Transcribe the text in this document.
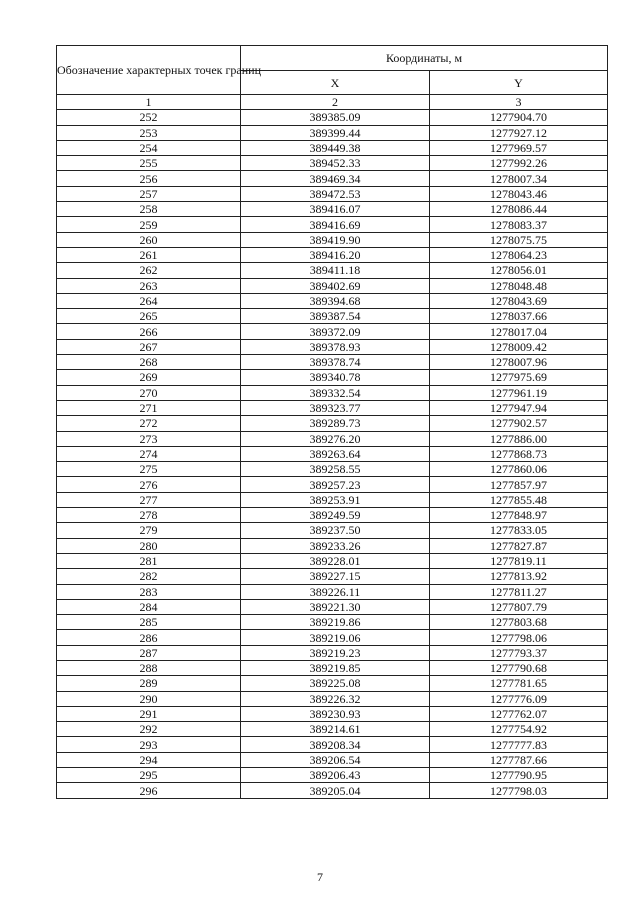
Обозначение характерных точек границ	Координаты, м	
	X	Y
1	2	3
252	389385.09	1277904.70
253	389399.44	1277927.12
254	389449.38	1277969.57
255	389452.33	1277992.26
256	389469.34	1278007.34
257	389472.53	1278043.46
258	389416.07	1278086.44
259	389416.69	1278083.37
260	389419.90	1278075.75
261	389416.20	1278064.23
262	389411.18	1278056.01
263	389402.69	1278048.48
264	389394.68	1278043.69
265	389387.54	1278037.66
266	389372.09	1278017.04
267	389378.93	1278009.42
268	389378.74	1278007.96
269	389340.78	1277975.69
270	389332.54	1277961.19
271	389323.77	1277947.94
272	389289.73	1277902.57
273	389276.20	1277886.00
274	389263.64	1277868.73
275	389258.55	1277860.06
276	389257.23	1277857.97
277	389253.91	1277855.48
278	389249.59	1277848.97
279	389237.50	1277833.05
280	389233.26	1277827.87
281	389228.01	1277819.11
282	389227.15	1277813.92
283	389226.11	1277811.27
284	389221.30	1277807.79
285	389219.86	1277803.68
286	389219.06	1277798.06
287	389219.23	1277793.37
288	389219.85	1277790.68
289	389225.08	1277781.65
290	389226.32	1277776.09
291	389230.93	1277762.07
292	389214.61	1277754.92
293	389208.34	1277777.83
294	389206.54	1277787.66
295	389206.43	1277790.95
296	389205.04	1277798.03
7
